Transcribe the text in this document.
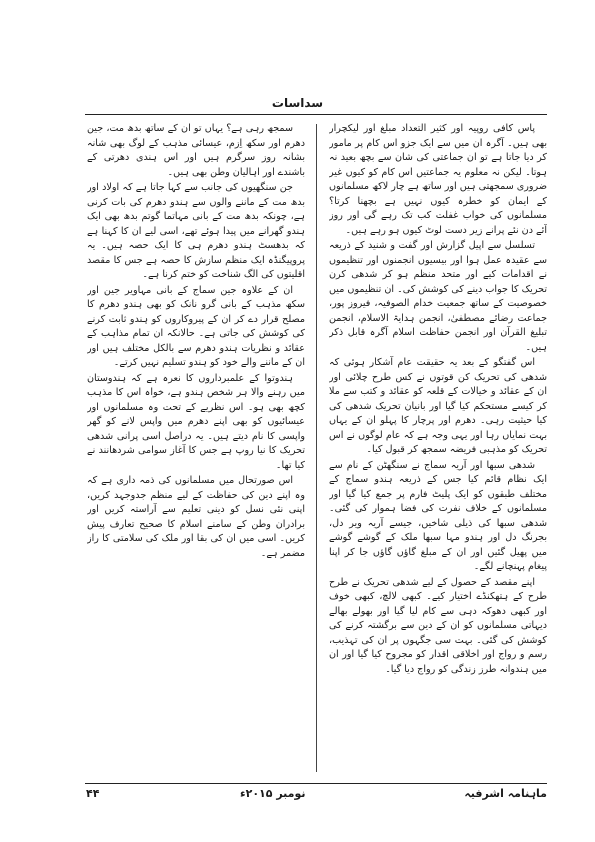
سداسات

پاس کافی روپیہ اور کثیر التعداد مبلغ اور لیکچرار بھی ہیں۔ آگرہ ان میں سے ایک جزو اس کام پر مامور کر دیا جاتا ہے تو ان جماعتی کی شان سے بچھ بعید نہ ہوتا۔ لیکن نہ معلوم یہ جماعتیں اس کام کو کیوں غیر ضروری سمجھتی ہیں اور ساتھ ہے چار لاکھ مسلمانوں کے ایمان کو خطرہ کیوں نہیں ہے بچھنا کرتا؟ مسلمانوں کی خواب غفلت کب تک رہے گی اور روز آئے دن نئے پرانے زیر دست لوٹ کیوں ہو رہے ہیں۔

تسلسل سے اپیل گزارش اور گفت و شنید کے ذریعہ سے عقیدہ عمل ہوا اور بیسیوں انجمنوں اور تنظیموں نے اقدامات کیے اور متحد منظم ہو کر شدھی کرن تحریک کا جواب دینے کی کوشش کی۔ ان تنظیموں میں خصوصیت کے ساتھ جمعیت خدام الصوفیہ، فیروز پور، جماعت رضائے مصطفیٰ، انجمن ہدایۃ الاسلام، انجمن تبلیغ القرآن اور انجمن حفاظت اسلام آگرہ قابل ذکر ہیں۔

اس گفتگو کے بعد یہ حقیقت عام آشکار ہوئی کہ شدھی کی تحریک کن قوتوں نے کس طرح چلائی اور ان کے عقائد و خیالات کے قلعہ کو عقائد و کتب سے ملا کر کیسے مستحکم کیا گیا اور بانیان تحریک شدھی کی کیا حیثیت رہی۔ دھرم اور پرچار کا پہلو ان کے یہاں بہت نمایاں رہا اور یہی وجہ ہے کہ عام لوگوں نے اس تحریک کو مذہبی فریضہ سمجھ کر قبول کیا۔

شدھی سبھا اور آریہ سماج نے سنگھٹن کے نام سے ایک نظام قائم کیا جس کے ذریعہ ہندو سماج کے مختلف طبقوں کو ایک پلیٹ فارم پر جمع کیا گیا اور مسلمانوں کے خلاف نفرت کی فضا ہموار کی گئی۔ شدھی سبھا کی ذیلی شاخیں، جیسے آریہ ویر دل، بجرنگ دل اور ہندو مہا سبھا ملک کے گوشے گوشے میں پھیل گئیں اور ان کے مبلغ گاؤں گاؤں جا کر اپنا پیغام پہنچانے لگے۔

اپنے مقصد کے حصول کے لیے شدھی تحریک نے طرح طرح کے ہتھکنڈے اختیار کیے۔ کبھی لالچ، کبھی خوف اور کبھی دھوکہ دہی سے کام لیا گیا اور بھولے بھالے دیہاتی مسلمانوں کو ان کے دین سے برگشتہ کرنے کی کوشش کی گئی۔ بہت سی جگہوں پر ان کی تہذیب، رسم و رواج اور اخلاقی اقدار کو مجروح کیا گیا اور ان میں ہندوانہ طرز زندگی کو رواج دیا گیا۔

سمجھ رہی ہے؟ یہاں تو ان کے ساتھ بدھ مت، جین دھرم اور سکھ اِزم، عیسائی مذہب کے لوگ بھی شانہ بشانہ روز سرگرم ہیں اور اس ہندی دھرتی کے باشندے اور اہالیان وطن بھی ہیں۔

جن سنگھیوں کی جانب سے کہا جاتا ہے کہ اولاد اور بدھ مت کے ماننے والوں سے ہندو دھرم کی بات کرنی ہے، چونکہ بدھ مت کے بانی مہاتما گوتم بدھ بھی ایک ہندو گھرانے میں پیدا ہوئے تھے، اسی لیے ان کا کہنا ہے کہ بدھسٹ ہندو دھرم ہی کا ایک حصہ ہیں۔ یہ پروپیگنڈہ ایک منظم سازش کا حصہ ہے جس کا مقصد اقلیتوں کی الگ شناخت کو ختم کرنا ہے۔

ان کے علاوہ جین سماج کے بانی مہاویر جین اور سکھ مذہب کے بانی گرو نانک کو بھی ہندو دھرم کا مصلح قرار دے کر ان کے پیروکاروں کو ہندو ثابت کرنے کی کوشش کی جاتی ہے۔ حالانکہ ان تمام مذاہب کے عقائد و نظریات ہندو دھرم سے بالکل مختلف ہیں اور ان کے ماننے والے خود کو ہندو تسلیم نہیں کرتے۔

ہندوتوا کے علمبرداروں کا نعرہ ہے کہ ہندوستان میں رہنے والا ہر شخص ہندو ہے، خواہ اس کا مذہب کچھ بھی ہو۔ اس نظریے کے تحت وہ مسلمانوں اور عیسائیوں کو بھی اپنے دھرم میں واپس لانے کو گھر واپسی کا نام دیتے ہیں۔ یہ دراصل اسی پرانی شدھی تحریک کا نیا روپ ہے جس کا آغاز سوامی شردھانند نے کیا تھا۔

اس صورتحال میں مسلمانوں کی ذمہ داری ہے کہ وہ اپنے دین کی حفاظت کے لیے منظم جدوجہد کریں، اپنی نئی نسل کو دینی تعلیم سے آراستہ کریں اور برادران وطن کے سامنے اسلام کا صحیح تعارف پیش کریں۔ اسی میں ان کی بقا اور ملک کی سلامتی کا راز مضمر ہے۔

ماہنامہ اشرفیہ
نومبر ۲۰۱۵ء
۴۴
